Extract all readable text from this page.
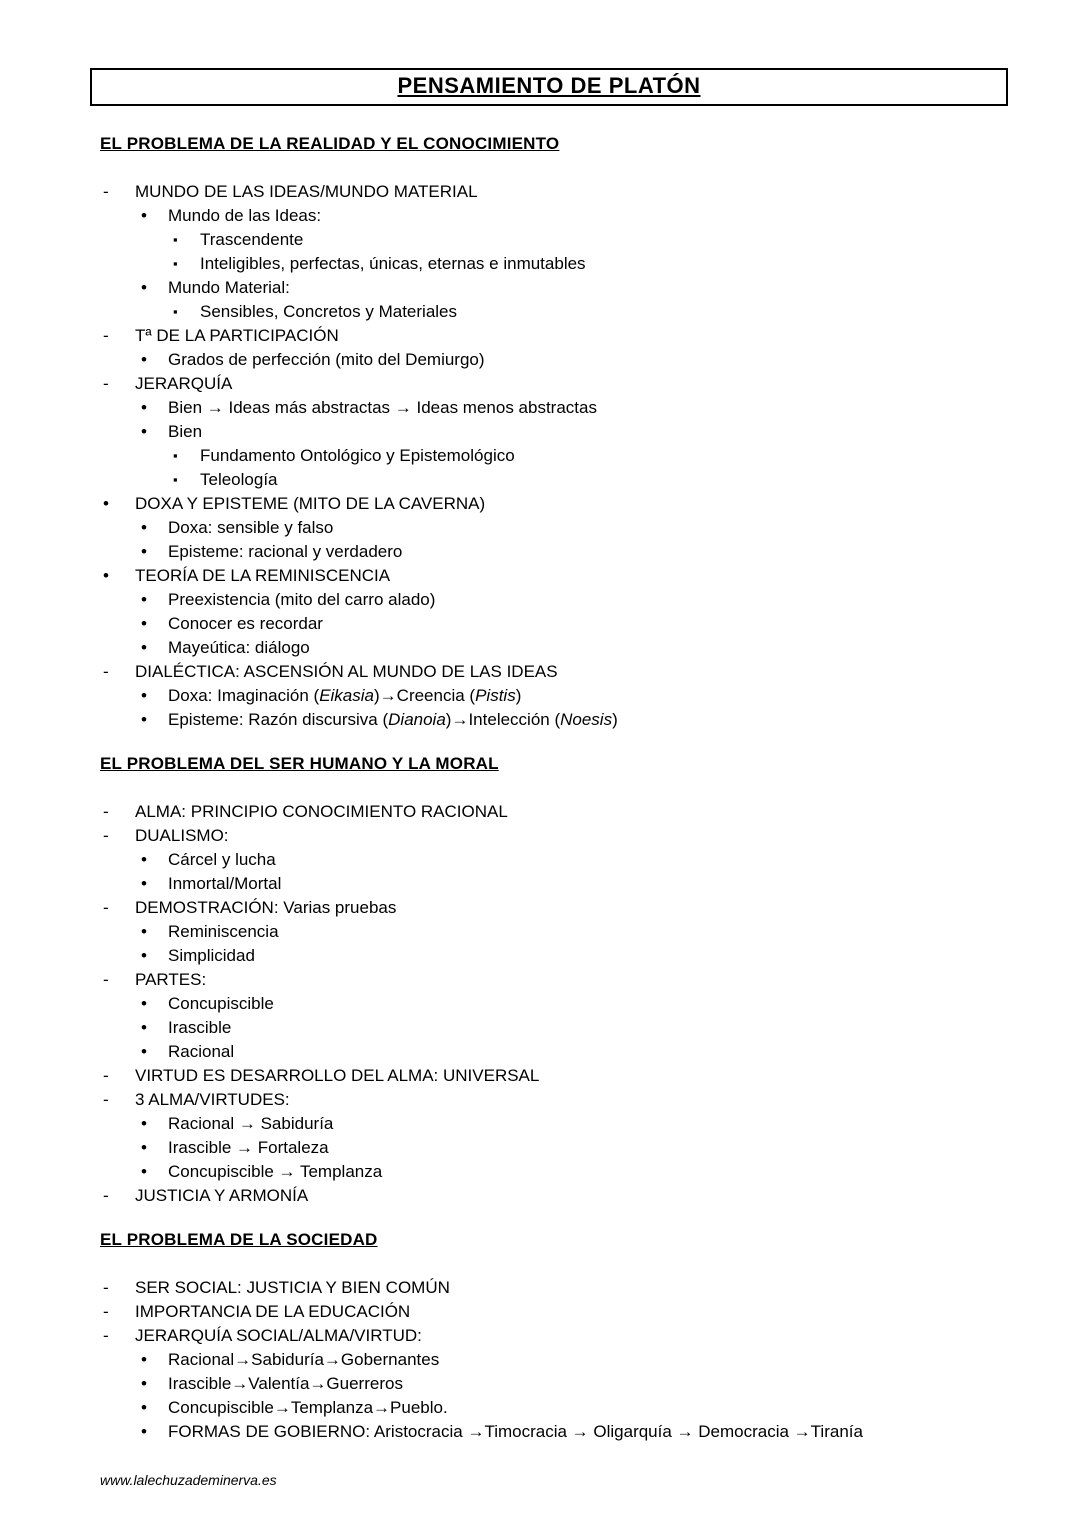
PENSAMIENTO DE PLATÓN
EL PROBLEMA DE LA REALIDAD Y EL CONOCIMIENTO
-	MUNDO DE LAS IDEAS/MUNDO MATERIAL
•	Mundo de las Ideas:
▪	Trascendente
▪	Inteligibles, perfectas, únicas, eternas e inmutables
•	Mundo Material:
▪	Sensibles, Concretos y Materiales
-	Tª DE LA PARTICIPACIÓN
•	Grados de perfección (mito del Demiurgo)
-	JERARQUÍA
•	Bien → Ideas más abstractas → Ideas menos abstractas
•	Bien
▪	Fundamento Ontológico y Epistemológico
▪	Teleología
•	DOXA Y EPISTEME (MITO DE LA CAVERNA)
•	Doxa: sensible y falso
•	Episteme: racional y verdadero
•	TEORÍA DE LA REMINISCENCIA
•	Preexistencia (mito del carro alado)
•	Conocer es recordar
•	Mayeútica: diálogo
-	DIALÉCTICA: ASCENSIÓN AL MUNDO DE LAS IDEAS
•	Doxa: Imaginación (Eikasia)→Creencia (Pistis)
•	Episteme: Razón discursiva (Dianoia)→Intelección (Noesis)
EL PROBLEMA DEL SER HUMANO Y LA MORAL
-	ALMA: PRINCIPIO CONOCIMIENTO RACIONAL
-	DUALISMO:
•	Cárcel y lucha
•	Inmortal/Mortal
-	DEMOSTRACIÓN: Varias pruebas
•	Reminiscencia
•	Simplicidad
-	PARTES:
•	Concupiscible
•	Irascible
•	Racional
-	VIRTUD ES DESARROLLO DEL ALMA: UNIVERSAL
-	3 ALMA/VIRTUDES:
•	Racional → Sabiduría
•	Irascible → Fortaleza
•	Concupiscible → Templanza
-	JUSTICIA Y ARMONÍA
EL PROBLEMA DE LA SOCIEDAD
-	SER SOCIAL: JUSTICIA Y BIEN COMÚN
-	IMPORTANCIA DE LA EDUCACIÓN
-	JERARQUÍA SOCIAL/ALMA/VIRTUD:
•	Racional→Sabiduría→Gobernantes
•	Irascible→Valentía→Guerreros
•	Concupiscible→Templanza→Pueblo.
•	FORMAS DE GOBIERNO: Aristocracia →Timocracia → Oligarquía → Democracia →Tiranía
www.lalechuzademinerva.es
